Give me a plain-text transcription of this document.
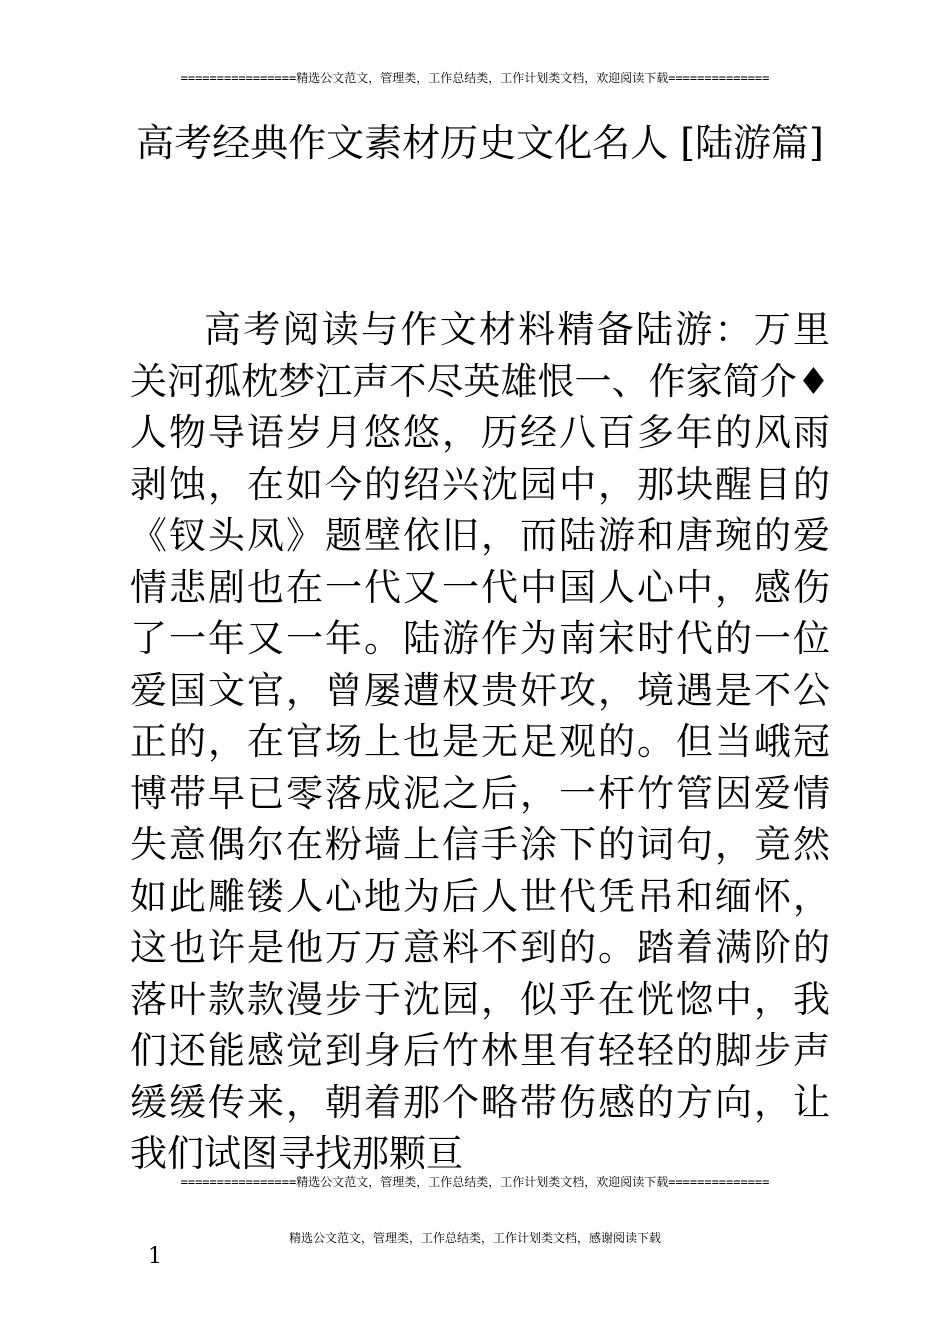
================精选公文范文，管理类，工作总结类，工作计划类文档，欢迎阅读下载==============
高考经典作文素材历史文化名人 [陆游篇]

高考阅读与作文材料精备陆游：万里关河孤枕梦江声不尽英雄恨一、作家简介♦人物导语岁月悠悠，历经八百多年的风雨剥蚀，在如今的绍兴沈园中，那块醒目的《钗头凤》题壁依旧，而陆游和唐琬的爱情悲剧也在一代又一代中国人心中，感伤了一年又一年。陆游作为南宋时代的一位爱国文官，曾屡遭权贵奸攻，境遇是不公正的，在官场上也是无足观的。但当峨冠博带早已零落成泥之后，一杆竹管因爱情失意偶尔在粉墙上信手涂下的词句，竟然如此雕镂人心地为后人世代凭吊和缅怀，这也许是他万万意料不到的。踏着满阶的落叶款款漫步于沈园，似乎在恍惚中，我们还能感觉到身后竹林里有轻轻的脚步声缓缓传来，朝着那个略带伤感的方向，让我们试图寻找那颗亘

================精选公文范文，管理类，工作总结类，工作计划类文档，欢迎阅读下载==============
精选公文范文，管理类，工作总结类，工作计划类文档，感谢阅读下载
1
